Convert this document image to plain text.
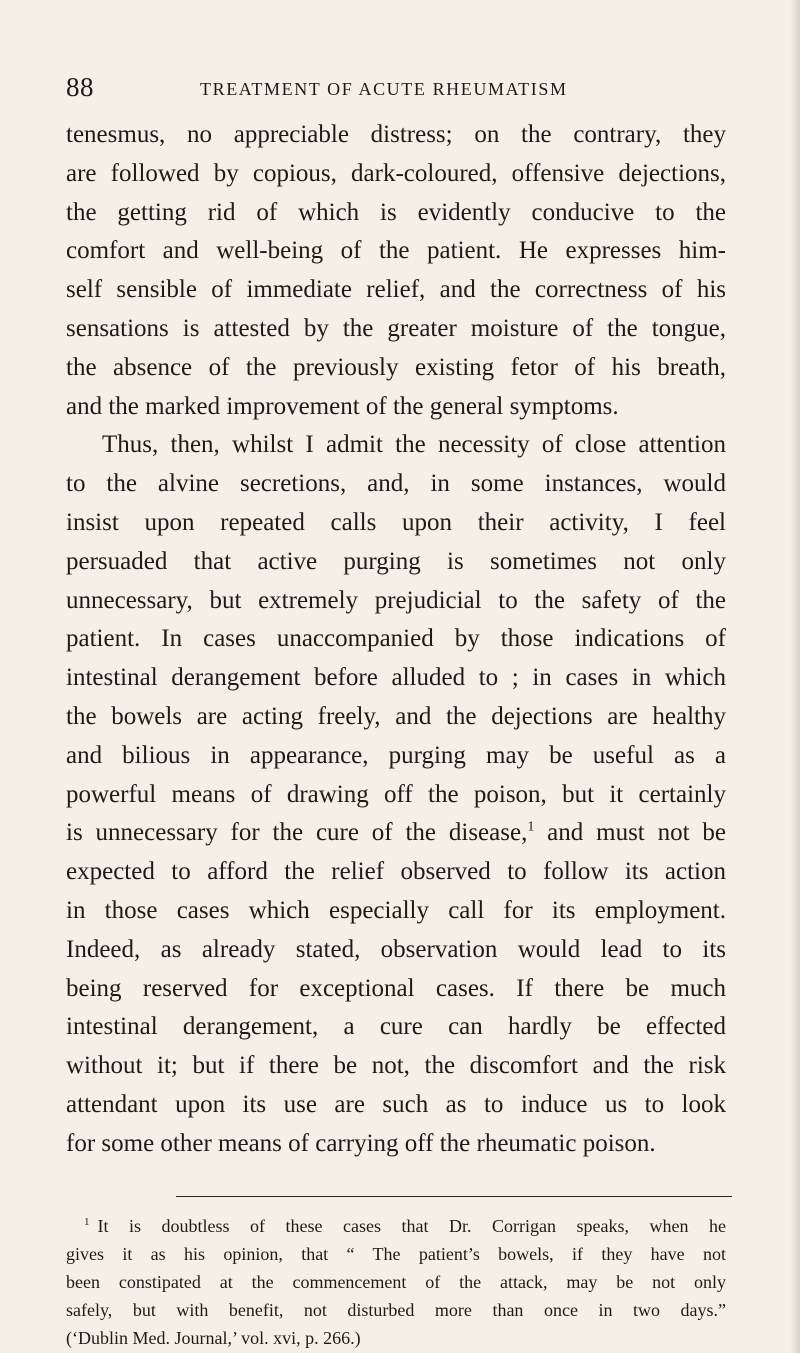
88	TREATMENT OF ACUTE RHEUMATISM
tenesmus, no appreciable distress; on the contrary, they
are followed by copious, dark-coloured, offensive dejections,
the getting rid of which is evidently conducive to the
comfort and well-being of the patient. He expresses him-
self sensible of immediate relief, and the correctness of his
sensations is attested by the greater moisture of the tongue,
the absence of the previously existing fetor of his breath,
and the marked improvement of the general symptoms.
Thus, then, whilst I admit the necessity of close attention
to the alvine secretions, and, in some instances, would
insist upon repeated calls upon their activity, I feel
persuaded that active purging is sometimes not only
unnecessary, but extremely prejudicial to the safety of the
patient. In cases unaccompanied by those indications of
intestinal derangement before alluded to ; in cases in which
the bowels are acting freely, and the dejections are healthy
and bilious in appearance, purging may be useful as a
powerful means of drawing off the poison, but it certainly
is unnecessary for the cure of the disease,$^1$ and must not be
expected to afford the relief observed to follow its action
in those cases which especially call for its employment.
Indeed, as already stated, observation would lead to its
being reserved for exceptional cases. If there be much
intestinal derangement, a cure can hardly be effected
without it; but if there be not, the discomfort and the risk
attendant upon its use are such as to induce us to look
for some other means of carrying off the rheumatic poison.
$^1$ It is doubtless of these cases that Dr. Corrigan speaks, when he
gives it as his opinion, that “ The patient’s bowels, if they have not
been constipated at the commencement of the attack, may be not only
safely, but with benefit, not disturbed more than once in two days.”
(‘Dublin Med. Journal,’ vol. xvi, p. 266.)
